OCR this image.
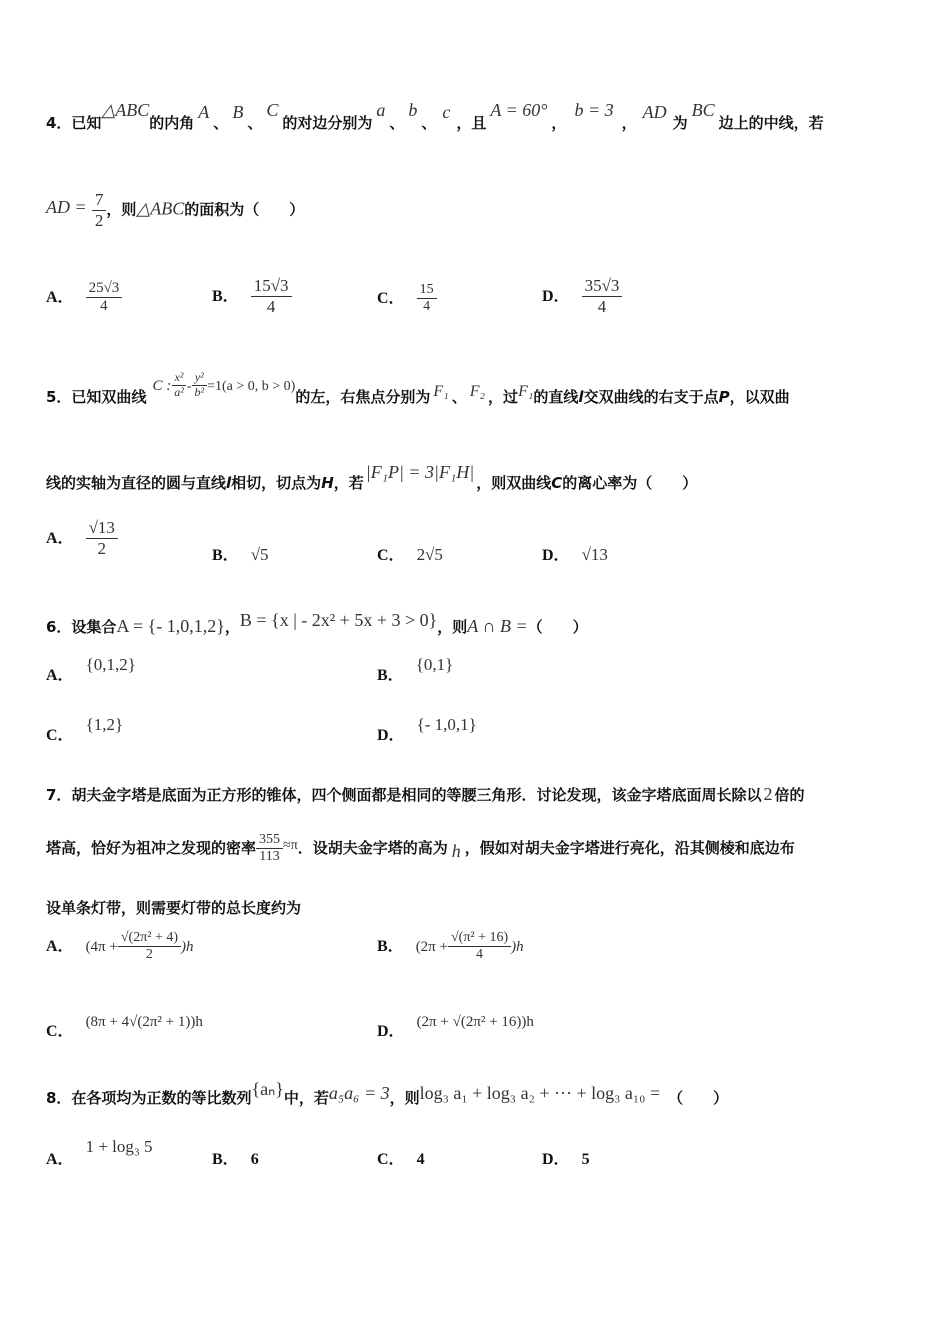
4．已知△ABC的内角A、B、C的对边分别为a、b、c，且A = 60°，b = 3，AD为BC边上的中线，若
AD = $\frac{7}{2}$ ，则△ABC的面积为（　　）
A． $\frac{25√3}{4}$	B． $\frac{15√3}{4}$	C． $\frac{15}{4}$	D． $\frac{35√3}{4}$
5．已知双曲线C : $\frac{\text{x²}}{\text{a²}} - \frac{\text{y²}}{\text{b²}} =1(a > 0$, b > 0)的左，右焦点分别为 F₁ 、 F₂ ，过F₁的直线l交双曲线的右支于点P，以双曲
线的实轴为直径的圆与直线l相切，切点为H，若|F₁P| = 3|F₁H|，则双曲线C的离心率为（　　）
A． $\frac{√13}{2}$	B． √5	C． 2√5	D． √13
6．设集合A = {- 1,0,1,2}，B = {x | - 2x² + 5x + 3 > 0}，则A ∩ B =（　　）
A．{0,1,2}
B．{0,1}
C．{1,2}
D．{- 1,0,1}
7．胡夫金字塔是底面为正方形的锥体，四个侧面都是相同的等腰三角形．讨论发现，该金字塔底面周长除以 2 倍的
塔高，恰好为祖冲之发现的密率 $\frac{355}{113} \approx\pi$．设胡夫金字塔的高为 h ，假如对胡夫金字塔进行亮化，沿其侧棱和底边布
设单条灯带，则需要灯带的总长度约为
A． $(4\pi + \frac{\text{√(2π² + 4)}}{2} )h$	B． $(2\pi + \frac{\text{√(π² + 16)}}{4} )h$
C．(8π + 4√(2π² + 1))h
D．(2π + √(2π² + 16))h
8．在各项均为正数的等比数列{aₙ}中，若a₅a₆ = 3，则log₃ a₁ + log₃ a₂ + ··· + log₃ a₁₀ = （　　）
A．1 + log₃ 5
B． 6	C． 4	D． 5
